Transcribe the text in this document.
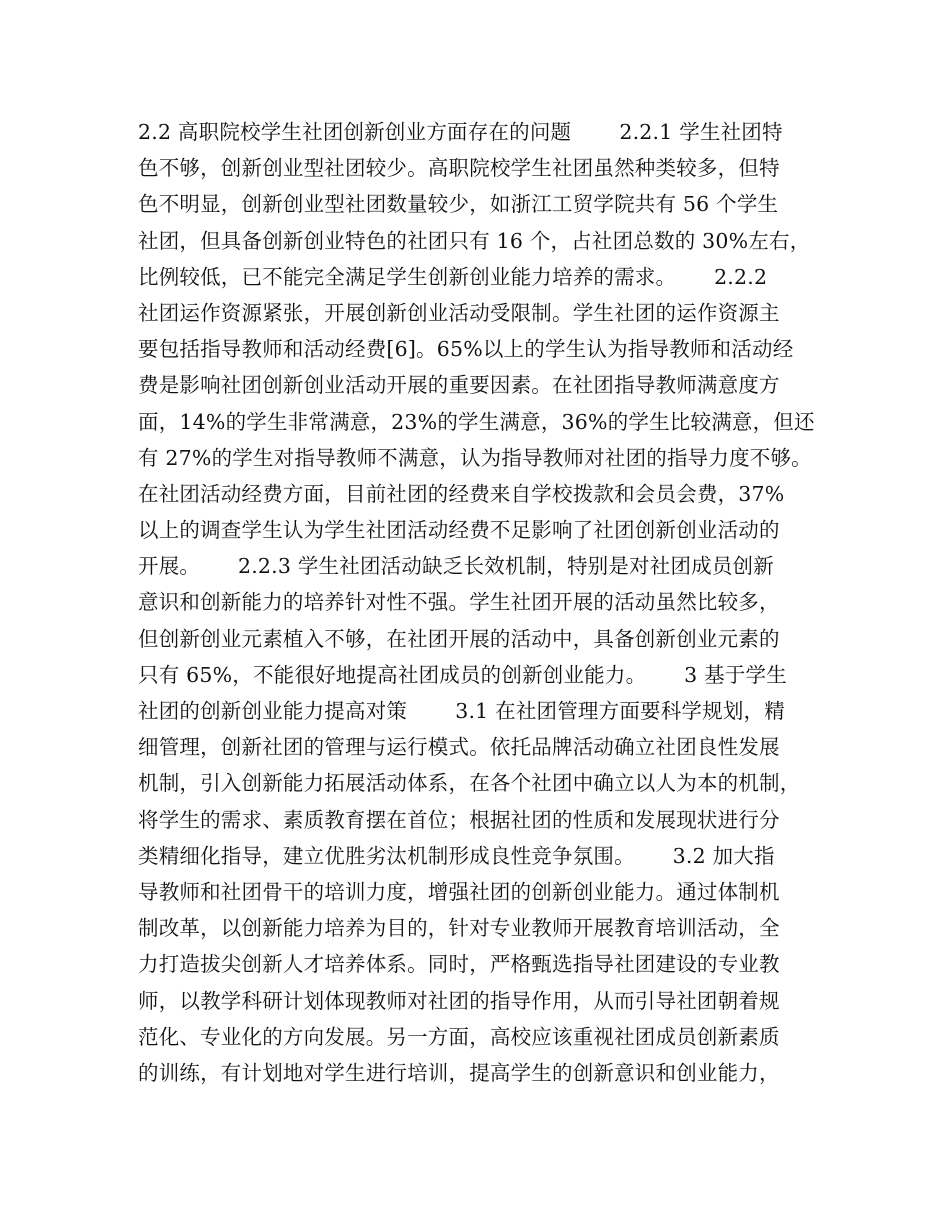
2.2 高职院校学生社团创新创业方面存在的问题　　 2.2.1 学生社团特
色不够，创新创业型社团较少。高职院校学生社团虽然种类较多，但特
色不明显，创新创业型社团数量较少，如浙江工贸学院共有 56 个学生
社团，但具备创新创业特色的社团只有 16 个，占社团总数的 30%左右，
比例较低，已不能完全满足学生创新创业能力培养的需求。　　 2.2.2
社团运作资源紧张，开展创新创业活动受限制。学生社团的运作资源主
要包括指导教师和活动经费[6]。65%以上的学生认为指导教师和活动经
费是影响社团创新创业活动开展的重要因素。在社团指导教师满意度方
面，14%的学生非常满意，23%的学生满意，36%的学生比较满意，但还
有 27%的学生对指导教师不满意，认为指导教师对社团的指导力度不够。
在社团活动经费方面，目前社团的经费来自学校拨款和会员会费，37%
以上的调查学生认为学生社团活动经费不足影响了社团创新创业活动的
开展。　　 2.2.3 学生社团活动缺乏长效机制，特别是对社团成员创新
意识和创新能力的培养针对性不强。学生社团开展的活动虽然比较多，
但创新创业元素植入不够，在社团开展的活动中，具备创新创业元素的
只有 65%，不能很好地提高社团成员的创新创业能力。　　 3 基于学生
社团的创新创业能力提高对策　　 3.1 在社团管理方面要科学规划，精
细管理，创新社团的管理与运行模式。依托品牌活动确立社团良性发展
机制，引入创新能力拓展活动体系，在各个社团中确立以人为本的机制，
将学生的需求、素质教育摆在首位；根据社团的性质和发展现状进行分
类精细化指导，建立优胜劣汰机制形成良性竞争氛围。　　 3.2 加大指
导教师和社团骨干的培训力度，增强社团的创新创业能力。通过体制机
制改革，以创新能力培养为目的，针对专业教师开展教育培训活动，全
力打造拔尖创新人才培养体系。同时，严格甄选指导社团建设的专业教
师，以教学科研计划体现教师对社团的指导作用，从而引导社团朝着规
范化、专业化的方向发展。另一方面，高校应该重视社团成员创新素质
的训练，有计划地对学生进行培训，提高学生的创新意识和创业能力，
